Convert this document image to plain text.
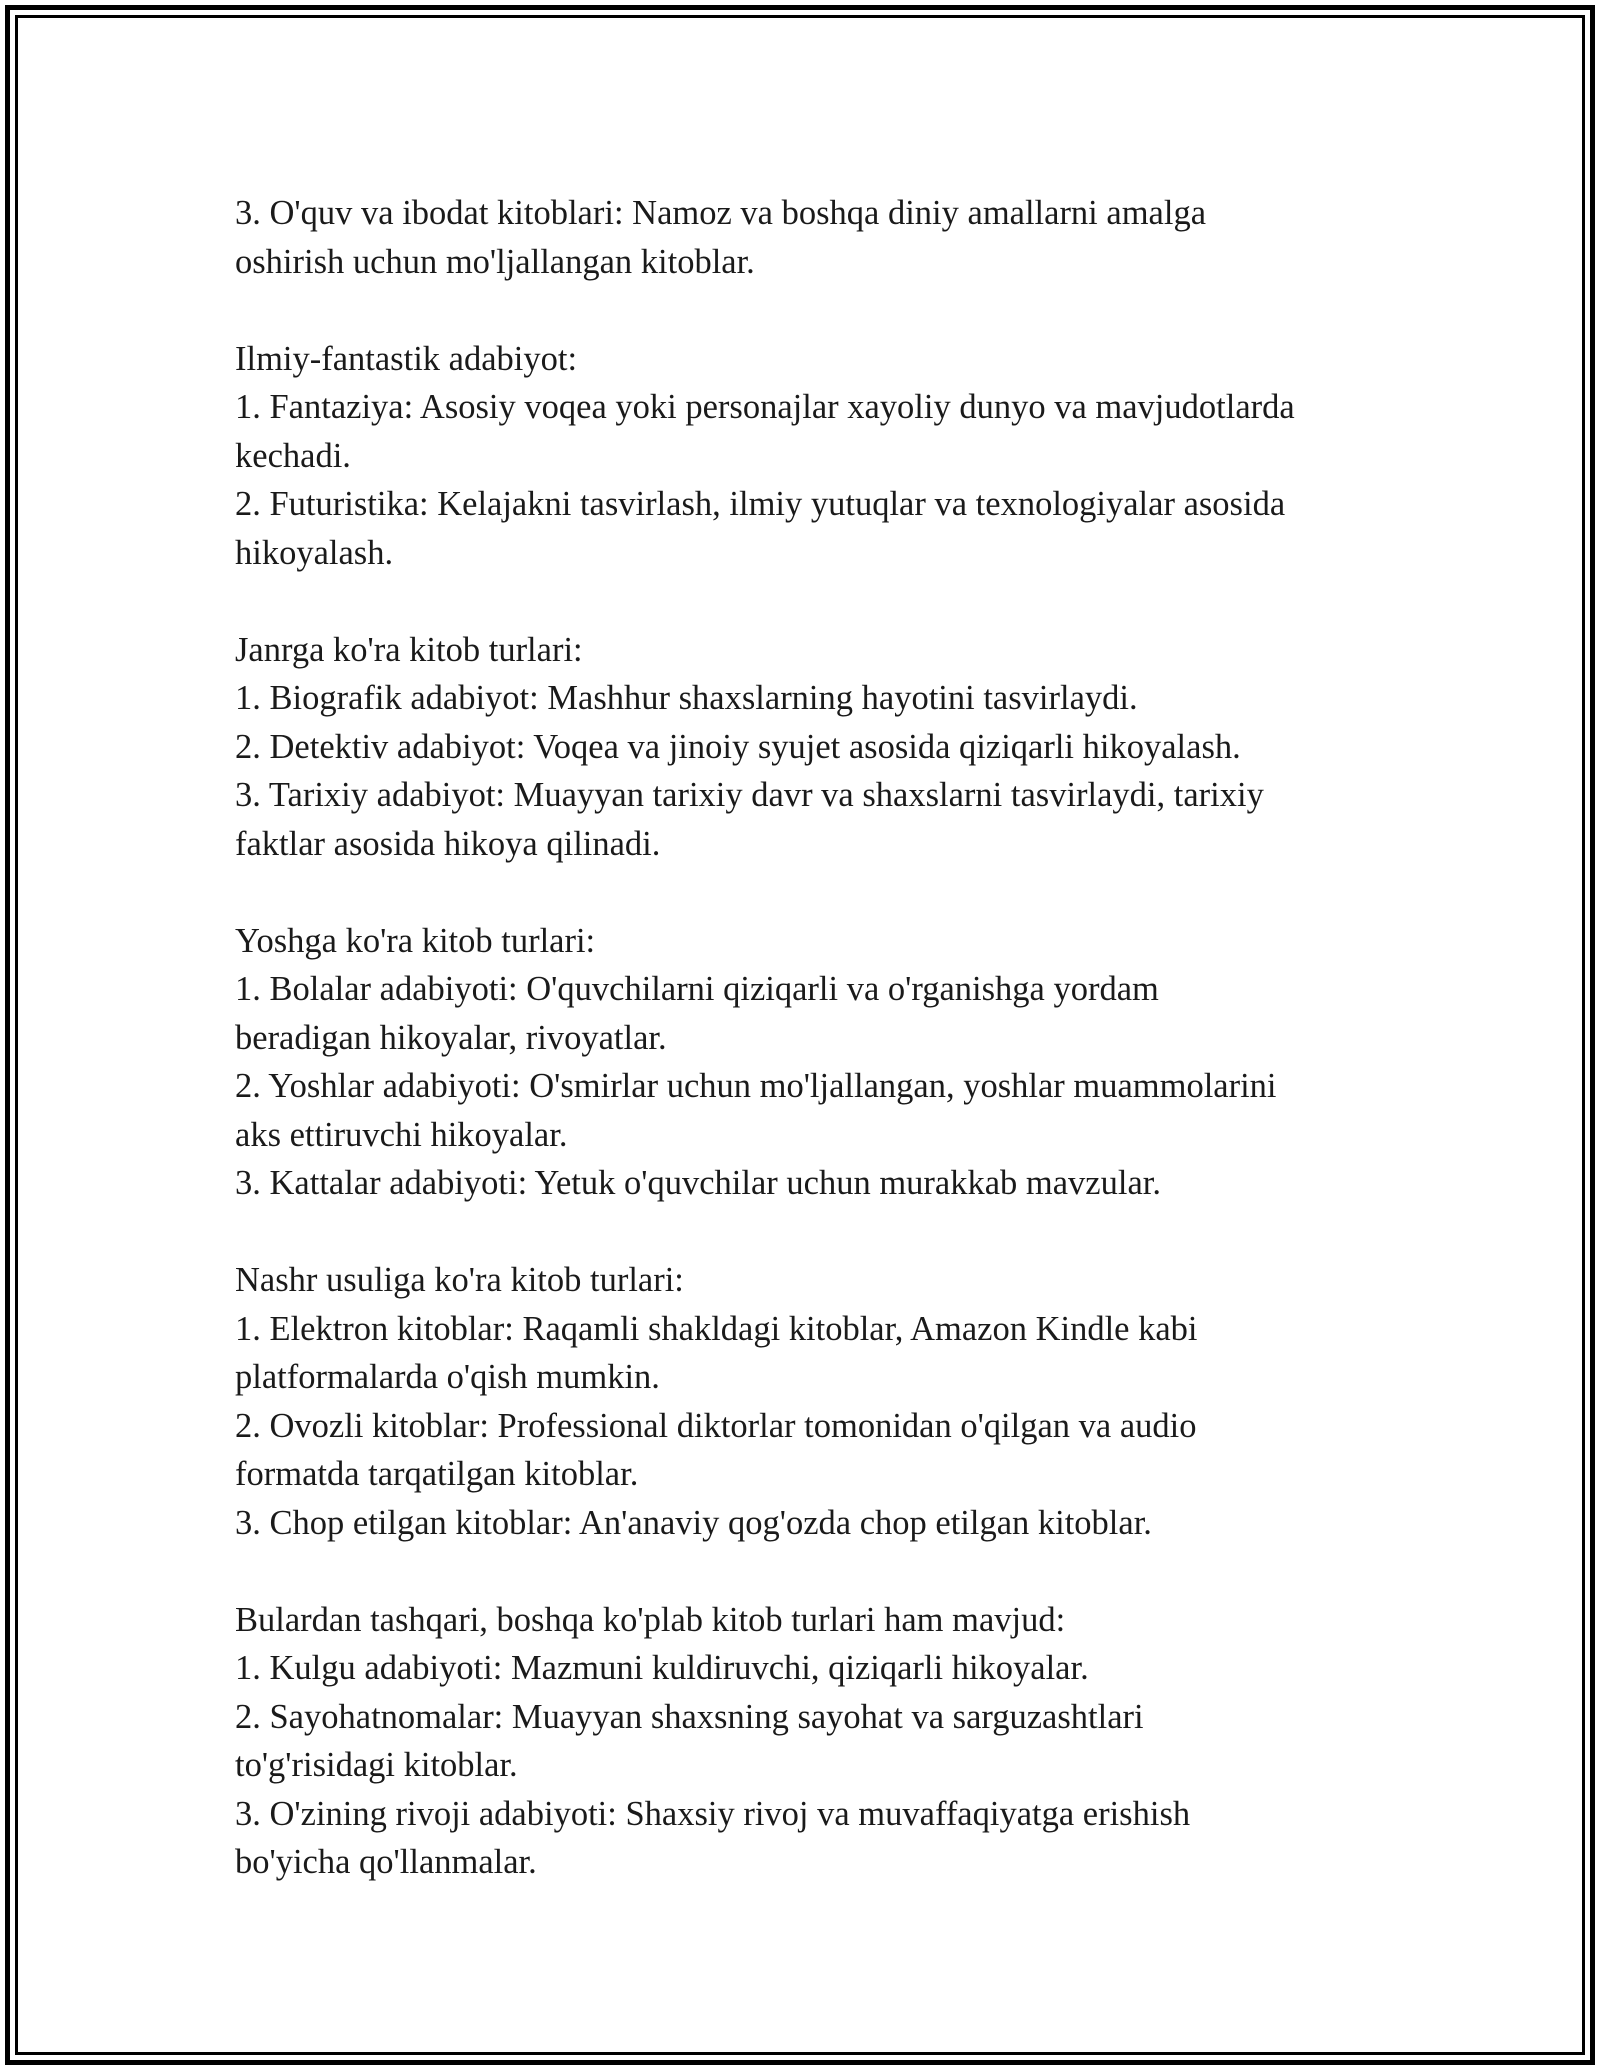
3. O'quv va ibodat kitoblari: Namoz va boshqa diniy amallarni amalga
oshirish uchun mo'ljallangan kitoblar.
Ilmiy-fantastik adabiyot:
1. Fantaziya: Asosiy voqea yoki personajlar xayoliy dunyo va mavjudotlarda
kechadi.
2. Futuristika: Kelajakni tasvirlash, ilmiy yutuqlar va texnologiyalar asosida
hikoyalash.
Janrga ko'ra kitob turlari:
1. Biografik adabiyot: Mashhur shaxslarning hayotini tasvirlaydi.
2. Detektiv adabiyot: Voqea va jinoiy syujet asosida qiziqarli hikoyalash.
3. Tarixiy adabiyot: Muayyan tarixiy davr va shaxslarni tasvirlaydi, tarixiy
faktlar asosida hikoya qilinadi.
Yoshga ko'ra kitob turlari:
1. Bolalar adabiyoti: O'quvchilarni qiziqarli va o'rganishga yordam
beradigan hikoyalar, rivoyatlar.
2. Yoshlar adabiyoti: O'smirlar uchun mo'ljallangan, yoshlar muammolarini
aks ettiruvchi hikoyalar.
3. Kattalar adabiyoti: Yetuk o'quvchilar uchun murakkab mavzular.
Nashr usuliga ko'ra kitob turlari:
1. Elektron kitoblar: Raqamli shakldagi kitoblar, Amazon Kindle kabi
platformalarda o'qish mumkin.
2. Ovozli kitoblar: Professional diktorlar tomonidan o'qilgan va audio
formatda tarqatilgan kitoblar.
3. Chop etilgan kitoblar: An'anaviy qog'ozda chop etilgan kitoblar.
Bulardan tashqari, boshqa ko'plab kitob turlari ham mavjud:
1. Kulgu adabiyoti: Mazmuni kuldiruvchi, qiziqarli hikoyalar.
2. Sayohatnomalar: Muayyan shaxsning sayohat va sarguzashtlari
to'g'risidagi kitoblar.
3. O'zining rivoji adabiyoti: Shaxsiy rivoj va muvaffaqiyatga erishish
bo'yicha qo'llanmalar.
